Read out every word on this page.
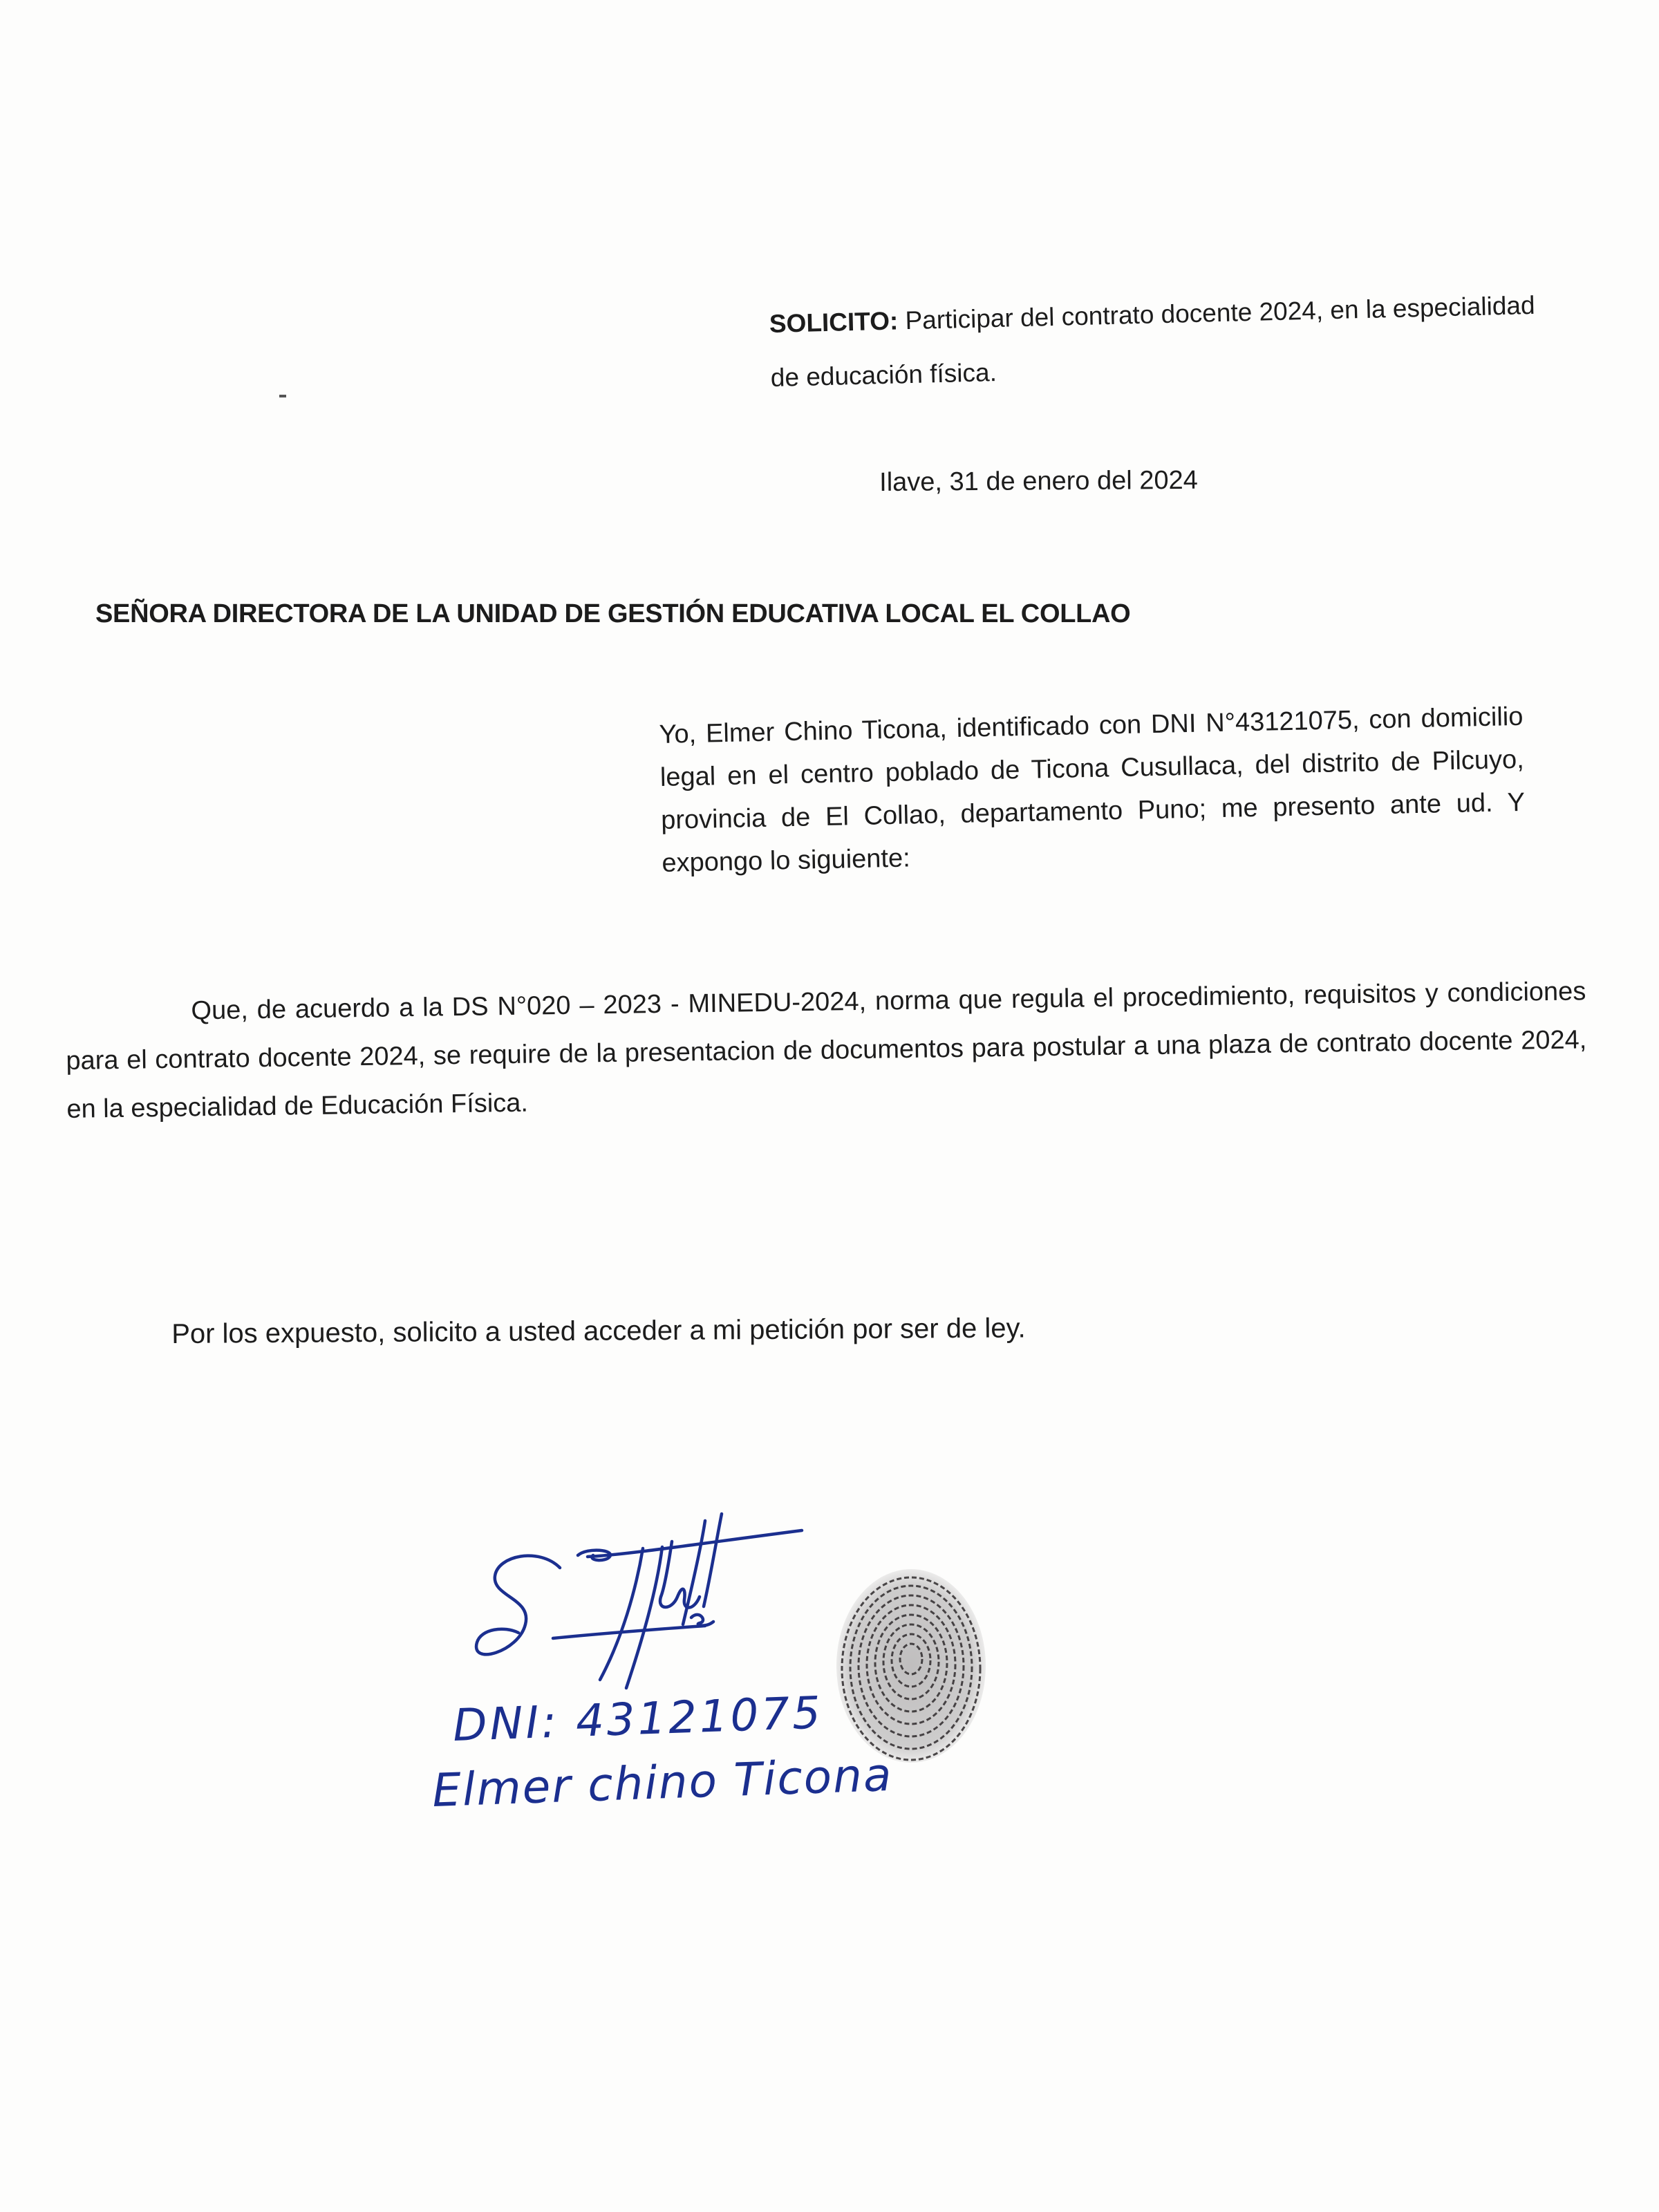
SOLICITO: Participar del contrato docente 2024, en la especialidad de educación física.
Ilave, 31 de enero del 2024
SEÑORA DIRECTORA DE LA UNIDAD DE GESTIÓN EDUCATIVA LOCAL EL COLLAO
Yo, Elmer Chino Ticona, identificado con DNI N°43121075, con domicilio legal en el centro poblado de Ticona Cusullaca, del distrito de Pilcuyo, provincia de El Collao, departamento Puno; me presento ante ud. Y expongo lo siguiente:
Que, de acuerdo a la DS N°020 – 2023 - MINEDU-2024, norma que regula el procedimiento, requisitos y condiciones para el contrato docente 2024, se require de la presentacion de documentos para postular a una plaza de contrato docente 2024, en la especialidad de Educación Física.
Por los expuesto, solicito a usted acceder a mi petición por ser de ley.
DNI: 43121075
Elmer chino Ticona
